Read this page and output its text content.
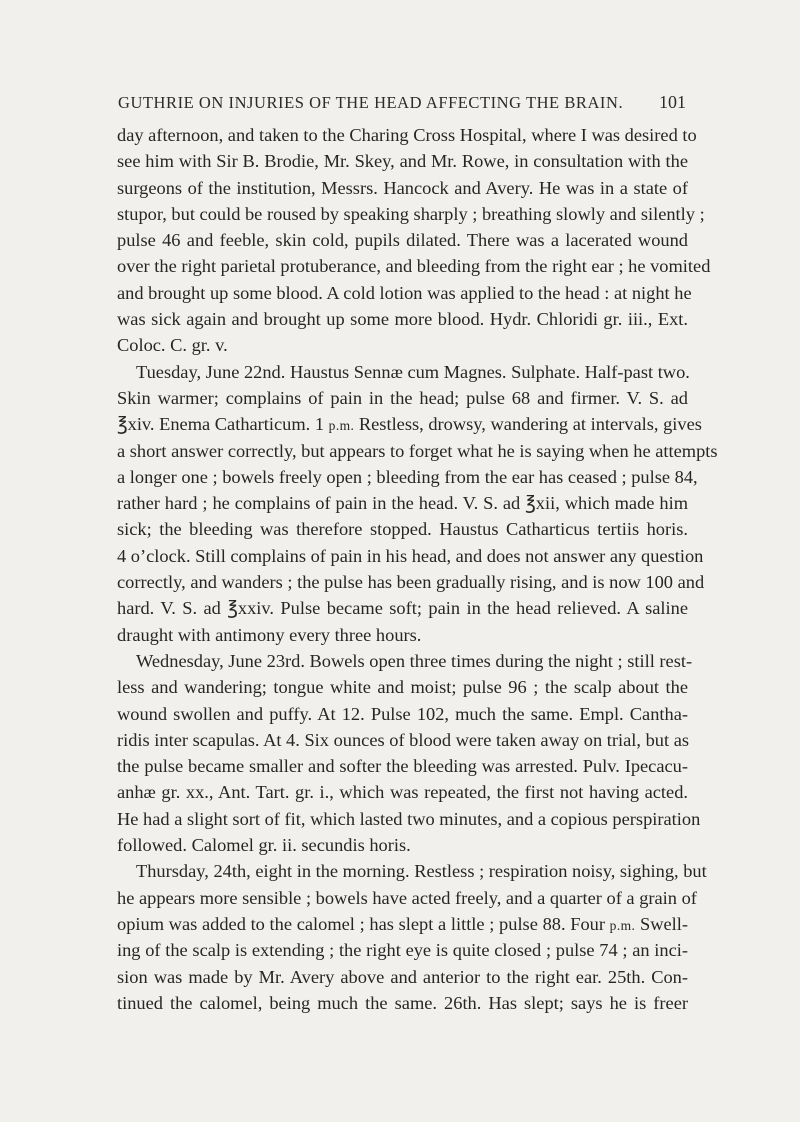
GUTHRIE ON INJURIES OF THE HEAD AFFECTING THE BRAIN. 101
day afternoon, and taken to the Charing Cross Hospital, where I was desired to
see him with Sir B. Brodie, Mr. Skey, and Mr. Rowe, in consultation with the
surgeons of the institution, Messrs. Hancock and Avery. He was in a state of
stupor, but could be roused by speaking sharply ; breathing slowly and silently ;
pulse 46 and feeble, skin cold, pupils dilated. There was a lacerated wound
over the right parietal protuberance, and bleeding from the right ear ; he vomited
and brought up some blood. A cold lotion was applied to the head : at night he
was sick again and brought up some more blood. Hydr. Chloridi gr. iii., Ext.
Coloc. C. gr. v.
Tuesday, June 22nd. Haustus Sennæ cum Magnes. Sulphate. Half-past two.
Skin warmer; complains of pain in the head; pulse 68 and firmer. V. S. ad
℥xiv. Enema Catharticum. 1 p.m. Restless, drowsy, wandering at intervals, gives
a short answer correctly, but appears to forget what he is saying when he attempts
a longer one ; bowels freely open ; bleeding from the ear has ceased ; pulse 84,
rather hard ; he complains of pain in the head. V. S. ad ℥xii, which made him
sick; the bleeding was therefore stopped. Haustus Catharticus tertiis horis.
4 o’clock. Still complains of pain in his head, and does not answer any question
correctly, and wanders ; the pulse has been gradually rising, and is now 100 and
hard. V. S. ad ℥xxiv. Pulse became soft; pain in the head relieved. A saline
draught with antimony every three hours.
Wednesday, June 23rd. Bowels open three times during the night ; still rest-
less and wandering; tongue white and moist; pulse 96 ; the scalp about the
wound swollen and puffy. At 12. Pulse 102, much the same. Empl. Cantha-
ridis inter scapulas. At 4. Six ounces of blood were taken away on trial, but as
the pulse became smaller and softer the bleeding was arrested. Pulv. Ipecacu-
anhæ gr. xx., Ant. Tart. gr. i., which was repeated, the first not having acted.
He had a slight sort of fit, which lasted two minutes, and a copious perspiration
followed. Calomel gr. ii. secundis horis.
Thursday, 24th, eight in the morning. Restless ; respiration noisy, sighing, but
he appears more sensible ; bowels have acted freely, and a quarter of a grain of
opium was added to the calomel ; has slept a little ; pulse 88. Four p.m. Swell-
ing of the scalp is extending ; the right eye is quite closed ; pulse 74 ; an inci-
sion was made by Mr. Avery above and anterior to the right ear. 25th. Con-
tinued the calomel, being much the same. 26th. Has slept; says he is freer
